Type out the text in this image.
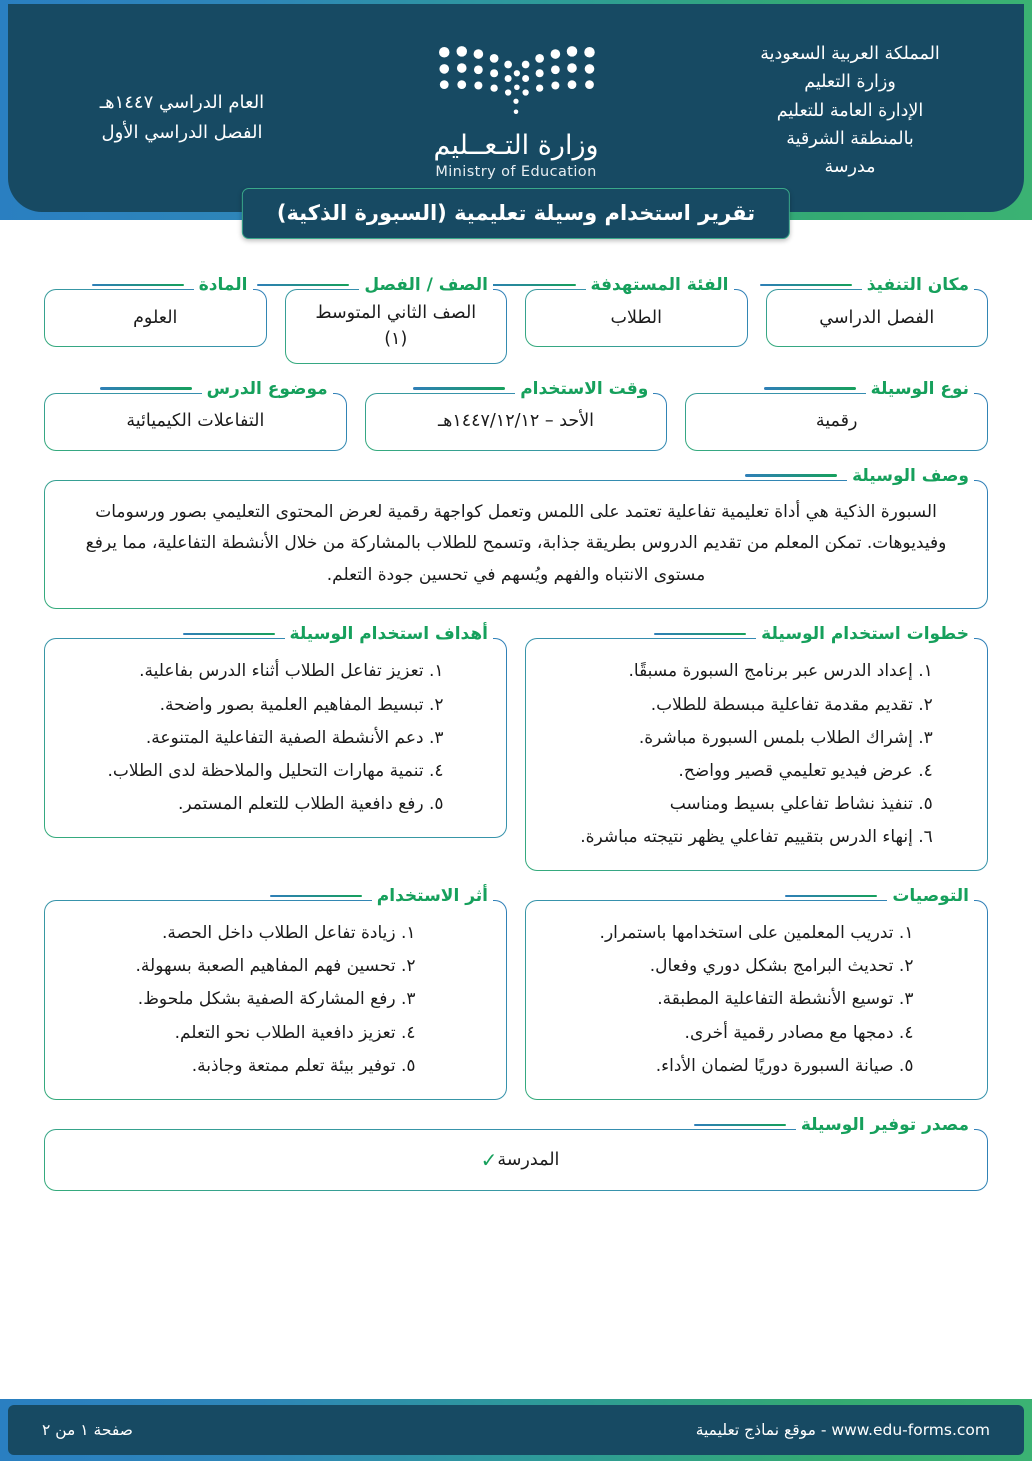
المملكة العربية السعودية
وزارة التعليم
الإدارة العامة للتعليم
بالمنطقة الشرقية
مدرسة
وزارة التـعــليم
Ministry of Education
العام الدراسي ١٤٤٧هـ
الفصل الدراسي الأول
تقرير استخدام وسيلة تعليمية (السبورة الذكية)
مكان التنفيذ
الفصل الدراسي
الفئة المستهدفة
الطلاب
الصف / الفصل
الصف الثاني المتوسط (١)
المادة
العلوم
نوع الوسيلة
رقمية
وقت الاستخدام
الأحد – ١٤٤٧/١٢/١٢هـ
موضوع الدرس
التفاعلات الكيميائية
وصف الوسيلة
السبورة الذكية هي أداة تعليمية تفاعلية تعتمد على اللمس وتعمل كواجهة رقمية لعرض المحتوى التعليمي بصور ورسومات وفيديوهات. تمكن المعلم من تقديم الدروس بطريقة جذابة، وتسمح للطلاب بالمشاركة من خلال الأنشطة التفاعلية، مما يرفع مستوى الانتباه والفهم ويُسهم في تحسين جودة التعلم.
خطوات استخدام الوسيلة
١. إعداد الدرس عبر برنامج السبورة مسبقًا.
٢. تقديم مقدمة تفاعلية مبسطة للطلاب.
٣. إشراك الطلاب بلمس السبورة مباشرة.
٤. عرض فيديو تعليمي قصير وواضح.
٥. تنفيذ نشاط تفاعلي بسيط ومناسب
٦. إنهاء الدرس بتقييم تفاعلي يظهر نتيجته مباشرة.
أهداف استخدام الوسيلة
١. تعزيز تفاعل الطلاب أثناء الدرس بفاعلية.
٢. تبسيط المفاهيم العلمية بصور واضحة.
٣. دعم الأنشطة الصفية التفاعلية المتنوعة.
٤. تنمية مهارات التحليل والملاحظة لدى الطلاب.
٥. رفع دافعية الطلاب للتعلم المستمر.
التوصيات
١. تدريب المعلمين على استخدامها باستمرار.
٢. تحديث البرامج بشكل دوري وفعال.
٣. توسيع الأنشطة التفاعلية المطبقة.
٤. دمجها مع مصادر رقمية أخرى.
٥. صيانة السبورة دوريًا لضمان الأداء.
أثر الاستخدام
١. زيادة تفاعل الطلاب داخل الحصة.
٢. تحسين فهم المفاهيم الصعبة بسهولة.
٣. رفع المشاركة الصفية بشكل ملحوظ.
٤. تعزيز دافعية الطلاب نحو التعلم.
٥. توفير بيئة تعلم ممتعة وجاذبة.
مصدر توفير الوسيلة
المدرسة
✓
www.edu-forms.com - موقع نماذج تعليمية
صفحة ١ من ٢
